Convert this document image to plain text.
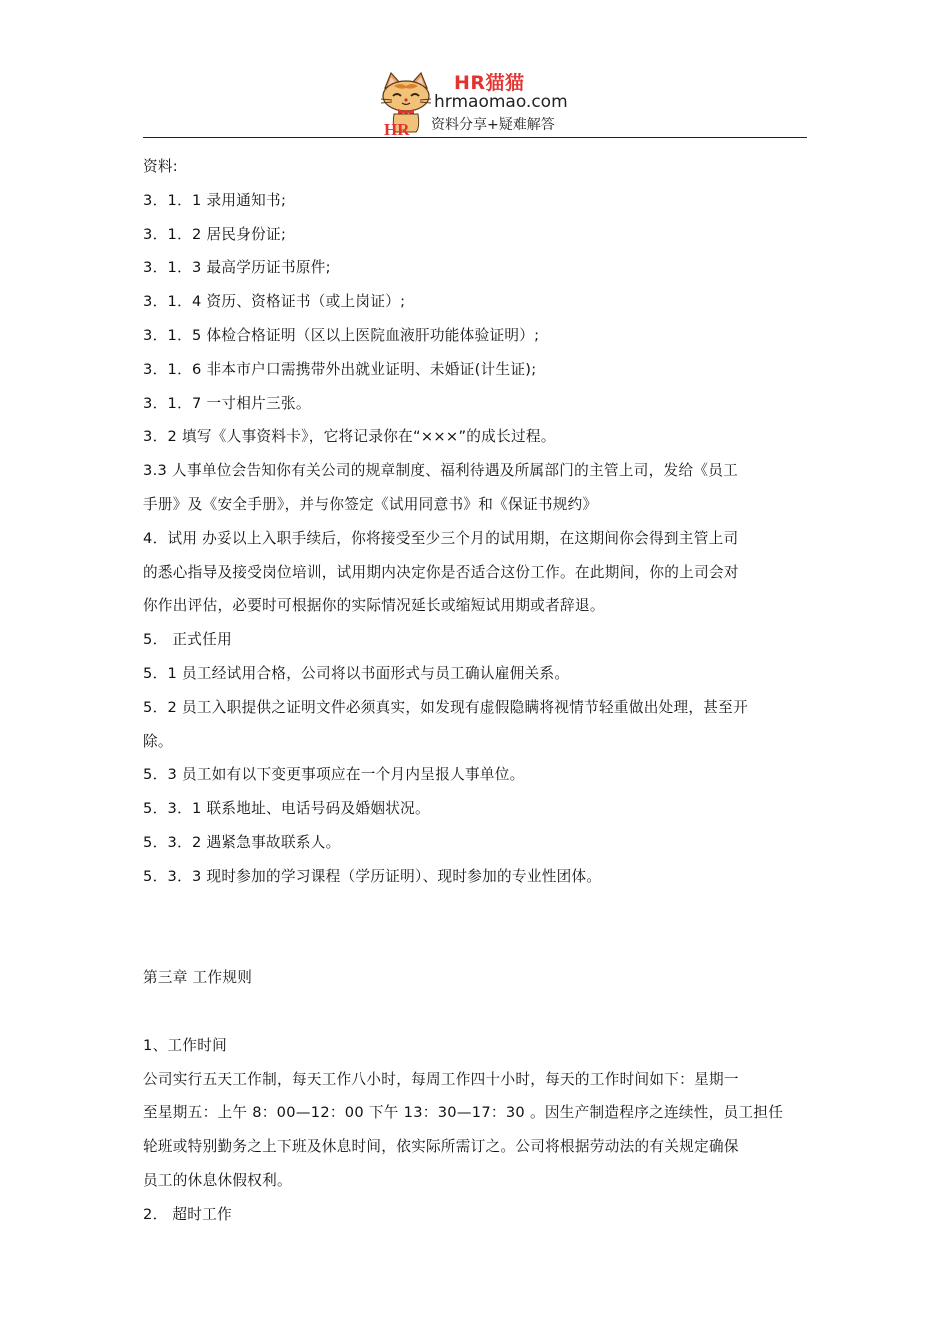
HR
HR猫猫
hrmaomao.com
资料分享+疑难解答
资料:
3．1．1 录用通知书;
3．1．2 居民身份证;
3．1．3 最高学历证书原件;
3．1．4 资历、资格证书（或上岗证）;
3．1．5 体检合格证明（区以上医院血液肝功能体验证明）;
3．1．6 非本市户口需携带外出就业证明、未婚证(计生证);
3．1．7 一寸相片三张。
3．2 填写《人事资料卡》，它将记录你在“×××”的成长过程。
3.3 人事单位会告知你有关公司的规章制度、福利待遇及所属部门的主管上司，发给《员工
手册》及《安全手册》，并与你签定《试用同意书》和《保证书规约》
4．试用 办妥以上入职手续后，你将接受至少三个月的试用期，在这期间你会得到主管上司
的悉心指导及接受岗位培训，试用期内决定你是否适合这份工作。在此期间，你的上司会对
你作出评估，必要时可根据你的实际情况延长或缩短试用期或者辞退。
5． 正式任用
5．1 员工经试用合格，公司将以书面形式与员工确认雇佣关系。
5．2 员工入职提供之证明文件必须真实，如发现有虚假隐瞒将视情节轻重做出处理，甚至开
除。
5．3 员工如有以下变更事项应在一个月内呈报人事单位。
5．3．1 联系地址、电话号码及婚姻状况。
5．3．2 遇紧急事故联系人。
5．3．3 现时参加的学习课程（学历证明）、现时参加的专业性团体。
第三章 工作规则
1、工作时间
公司实行五天工作制，每天工作八小时，每周工作四十小时，每天的工作时间如下：星期一
至星期五：上午 8：00—12：00 下午 13：30—17：30 。因生产制造程序之连续性，员工担任
轮班或特别勤务之上下班及休息时间，依实际所需订之。公司将根据劳动法的有关规定确保
员工的休息休假权利。
2． 超时工作
